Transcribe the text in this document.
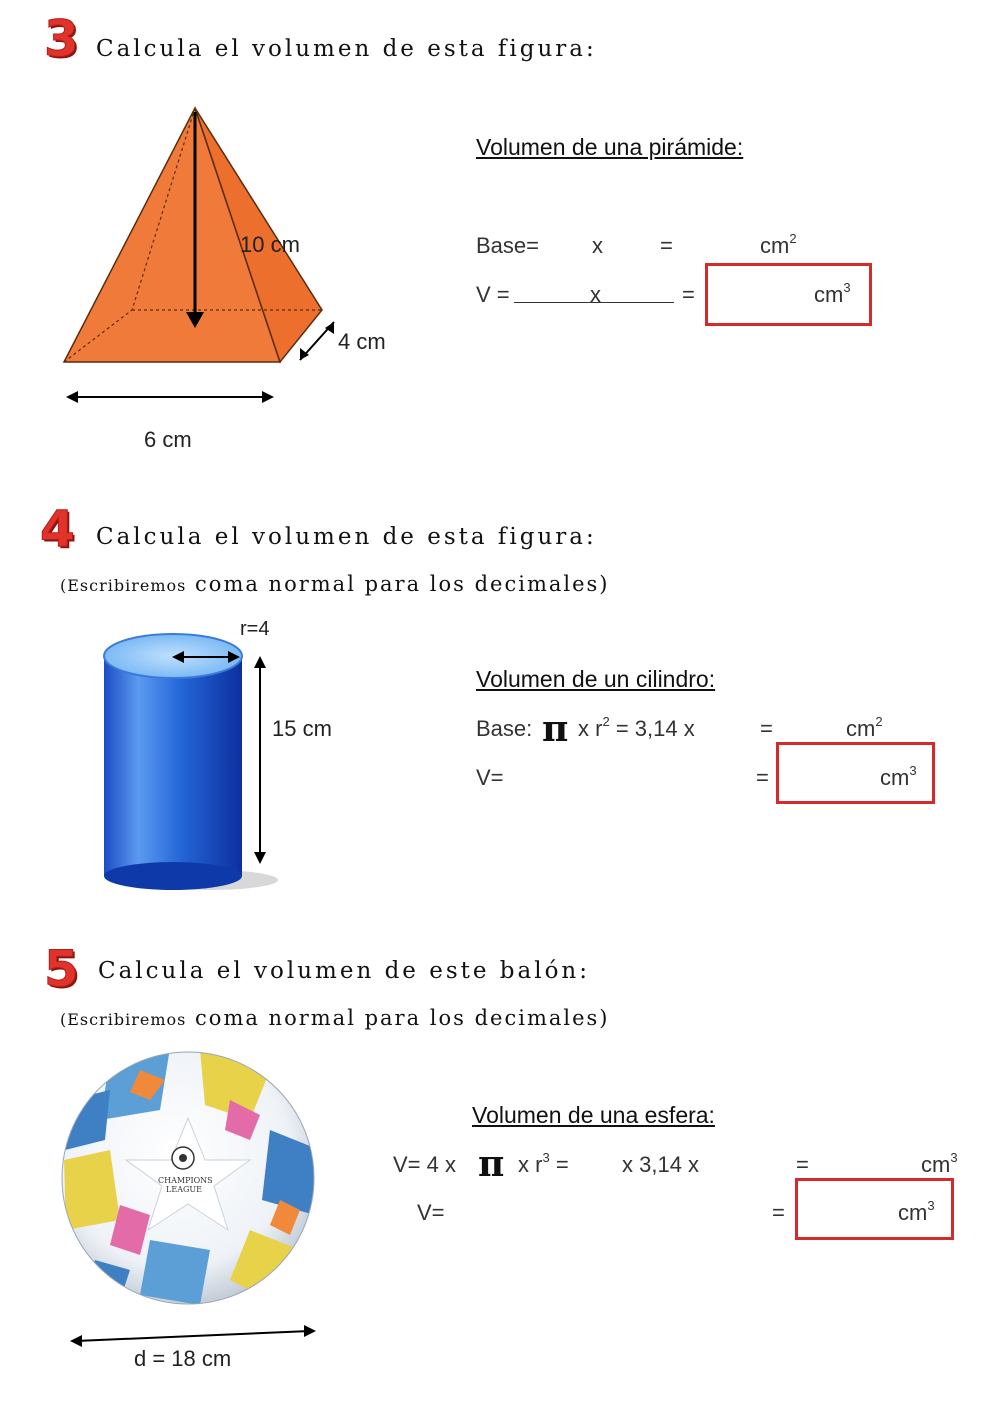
3 Calcula el volumen de esta figura:
10 cm
4 cm
6 cm
Volumen de una pirámide:
Base= x	=	$cm^2$
V =	x	=	$cm^3$
4 Calcula el volumen de esta figura:
(Escribiremos coma normal para los decimales)
r=4
15 cm
Volumen de un cilindro:
Base: π x $r^2 = 3,14$ x	=	$cm^2$
V=	=	$cm^3$
5 Calcula el volumen de este balón:
(Escribiremos coma normal para los decimales)
CHAMPIONS
LEAGUE
d = 18 cm
Volumen de una esfera:
V= 4 x π x $r^3 = x$ 3,14 x	=	$cm^3$
V=	=	$cm^3$
